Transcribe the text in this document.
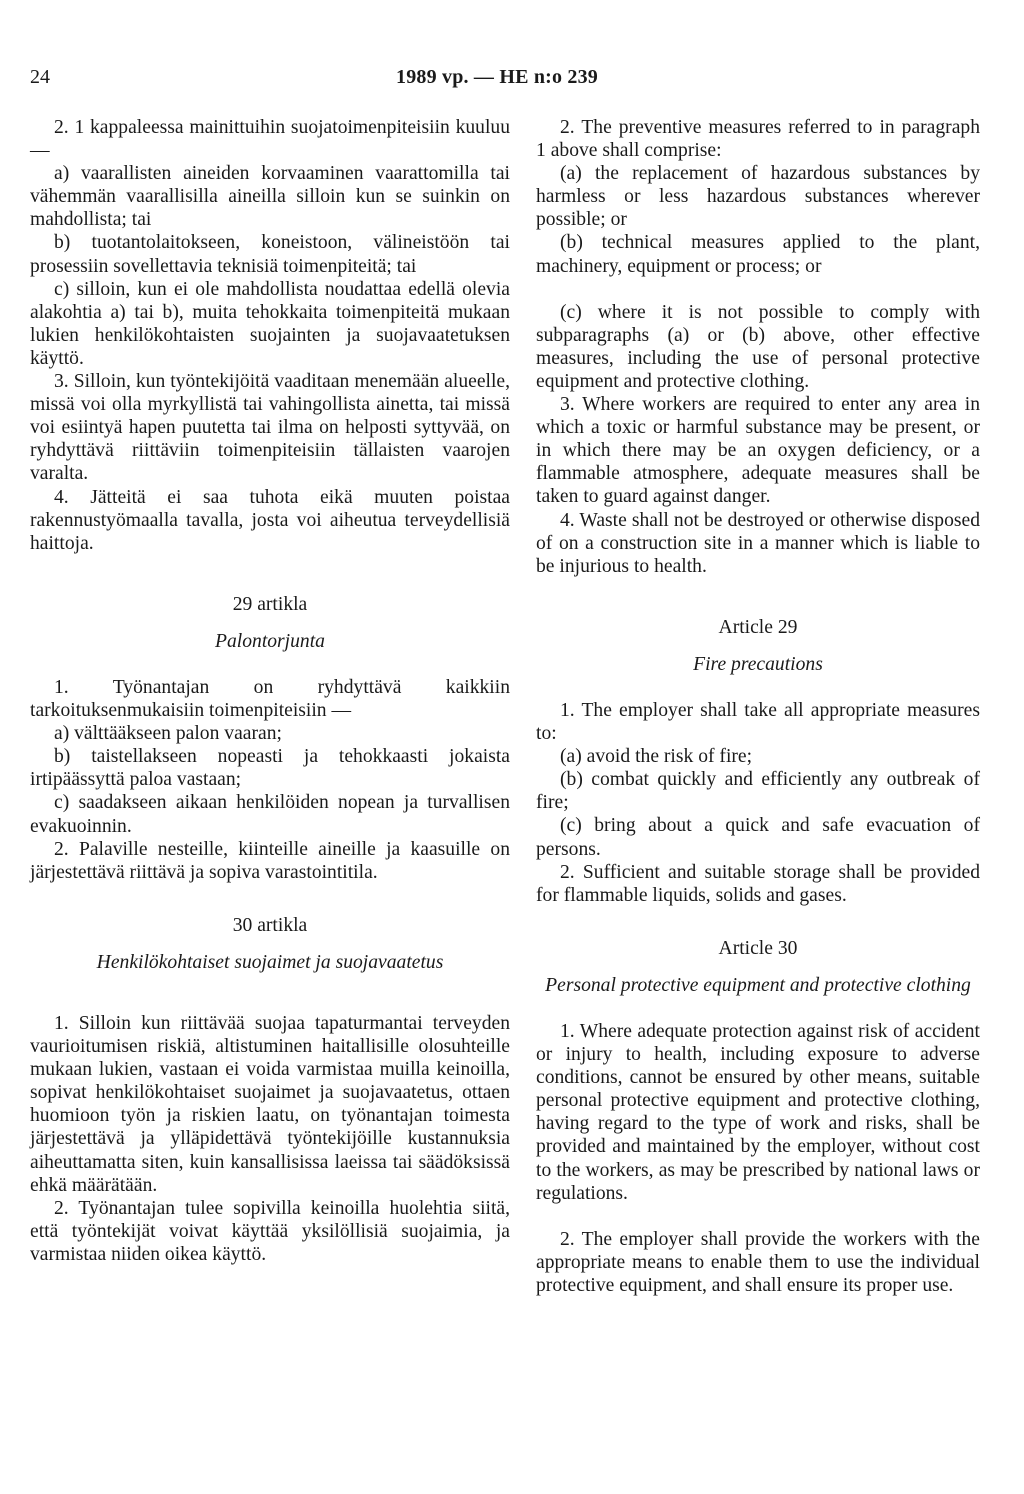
24	1989 vp. — HE n:o 239

2. 1 kappaleessa mainittuihin suojatoimenpiteisiin kuuluu —

a) vaarallisten aineiden korvaaminen vaarattomilla tai vähemmän vaarallisilla aineilla silloin kun se suinkin on mahdollista; tai

b) tuotantolaitokseen, koneistoon, välineistöön tai prosessiin sovellettavia teknisiä toimenpiteitä; tai

c) silloin, kun ei ole mahdollista noudattaa edellä olevia alakohtia a) tai b), muita tehokkaita toimenpiteitä mukaan lukien henkilökohtaisten suojainten ja suojavaatetuksen käyttö.

3. Silloin, kun työntekijöitä vaaditaan menemään alueelle, missä voi olla myrkyllistä tai vahingollista ainetta, tai missä voi esiintyä hapen puutetta tai ilma on helposti syttyvää, on ryhdyttävä riittäviin toimenpiteisiin tällaisten vaarojen varalta.

4. Jätteitä ei saa tuhota eikä muuten poistaa rakennustyömaalla tavalla, josta voi aiheutua terveydellisiä haittoja.

29 artikla

Palontorjunta

1. Työnantajan on ryhdyttävä kaikkiin tarkoituksenmukaisiin toimenpiteisiin —

a) välttääkseen palon vaaran;

b) taistellakseen nopeasti ja tehokkaasti jokaista irtipäässyttä paloa vastaan;

c) saadakseen aikaan henkilöiden nopean ja turvallisen evakuoinnin.

2. Palaville nesteille, kiinteille aineille ja kaasuille on järjestettävä riittävä ja sopiva varastointitila.

30 artikla

Henkilökohtaiset suojaimet ja suojavaatetus

1. Silloin kun riittävää suojaa tapaturmantai terveyden vaurioitumisen riskiä, altistuminen haitallisille olosuhteille mukaan lukien, vastaan ei voida varmistaa muilla keinoilla, sopivat henkilökohtaiset suojaimet ja suojavaatetus, ottaen huomioon työn ja riskien laatu, on työnantajan toimesta järjestettävä ja ylläpidettävä työntekijöille kustannuksia aiheuttamatta siten, kuin kansallisissa laeissa tai säädöksissä ehkä määrätään.

2. Työnantajan tulee sopivilla keinoilla huolehtia siitä, että työntekijät voivat käyttää yksilöllisiä suojaimia, ja varmistaa niiden oikea käyttö.

2. The preventive measures referred to in paragraph 1 above shall comprise:

(a) the replacement of hazardous substances by harmless or less hazardous substances wherever possible; or

(b) technical measures applied to the plant, machinery, equipment or process; or

(c) where it is not possible to comply with subparagraphs (a) or (b) above, other effective measures, including the use of personal protective equipment and protective clothing.

3. Where workers are required to enter any area in which a toxic or harmful substance may be present, or in which there may be an oxygen deficiency, or a flammable atmosphere, adequate measures shall be taken to guard against danger.

4. Waste shall not be destroyed or otherwise disposed of on a construction site in a manner which is liable to be injurious to health.

Article 29

Fire precautions

1. The employer shall take all appropriate measures to:

(a) avoid the risk of fire;

(b) combat quickly and efficiently any outbreak of fire;

(c) bring about a quick and safe evacuation of persons.

2. Sufficient and suitable storage shall be provided for flammable liquids, solids and gases.

Article 30

Personal protective equipment and protective clothing

1. Where adequate protection against risk of accident or injury to health, including exposure to adverse conditions, cannot be ensured by other means, suitable personal protective equipment and protective clothing, having regard to the type of work and risks, shall be provided and maintained by the employer, without cost to the workers, as may be prescribed by national laws or regulations.

2. The employer shall provide the workers with the appropriate means to enable them to use the individual protective equipment, and shall ensure its proper use.
